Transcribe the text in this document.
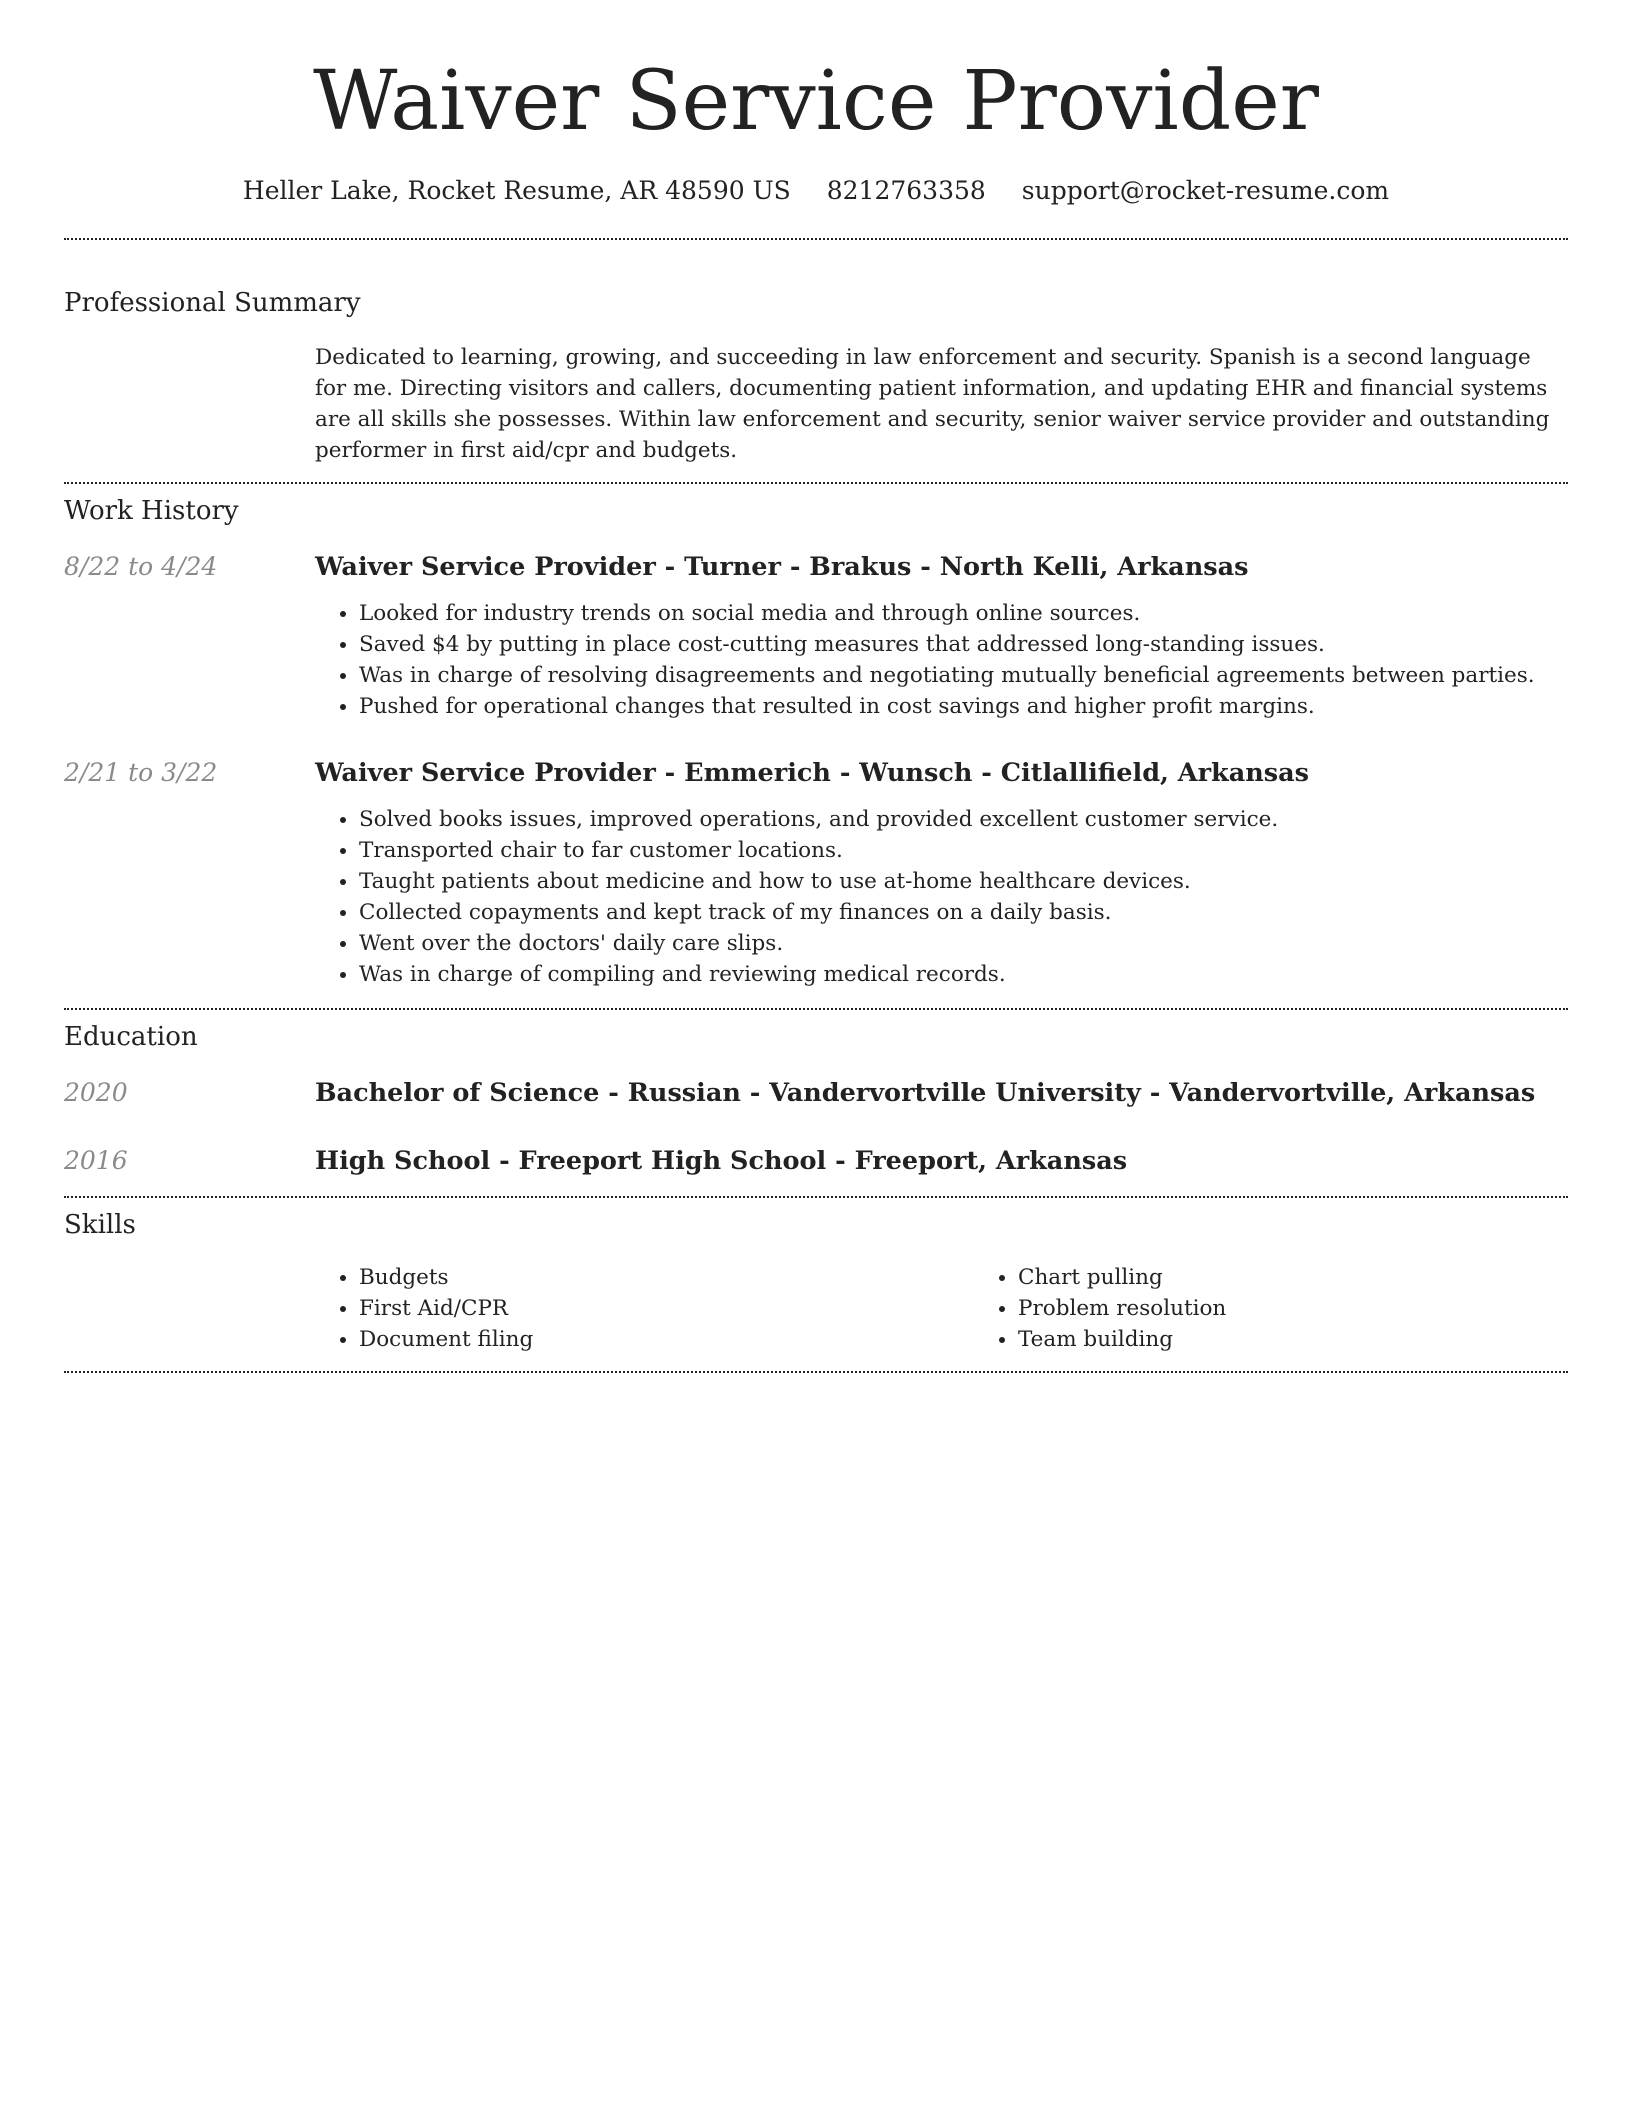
Waiver Service Provider
Heller Lake, Rocket Resume, AR 48590 US 8212763358 support@rocket-resume.com
Professional Summary

Dedicated to learning, growing, and succeeding in law enforcement and security. Spanish is a second language for me. Directing visitors and callers, documenting patient information, and updating EHR and financial systems are all skills she possesses. Within law enforcement and security, senior waiver service provider and outstanding performer in first aid/cpr and budgets.

Work History
8/22 to 4/24	Waiver Service Provider - Turner - Brakus - North Kelli, Arkansas
• Looked for industry trends on social media and through online sources.
• Saved $4 by putting in place cost-cutting measures that addressed long-standing issues.
• Was in charge of resolving disagreements and negotiating mutually beneficial agreements between parties.
• Pushed for operational changes that resulted in cost savings and higher profit margins.
2/21 to 3/22	Waiver Service Provider - Emmerich - Wunsch - Citlallifield, Arkansas
• Solved books issues, improved operations, and provided excellent customer service.
• Transported chair to far customer locations.
• Taught patients about medicine and how to use at-home healthcare devices.
• Collected copayments and kept track of my finances on a daily basis.
• Went over the doctors' daily care slips.
• Was in charge of compiling and reviewing medical records.
Education
2020	Bachelor of Science - Russian - Vandervortville University - Vandervortville, Arkansas
2016	High School - Freeport High School - Freeport, Arkansas
Skills
• Budgets
• First Aid/CPR
• Document filing
• Chart pulling
• Problem resolution
• Team building
